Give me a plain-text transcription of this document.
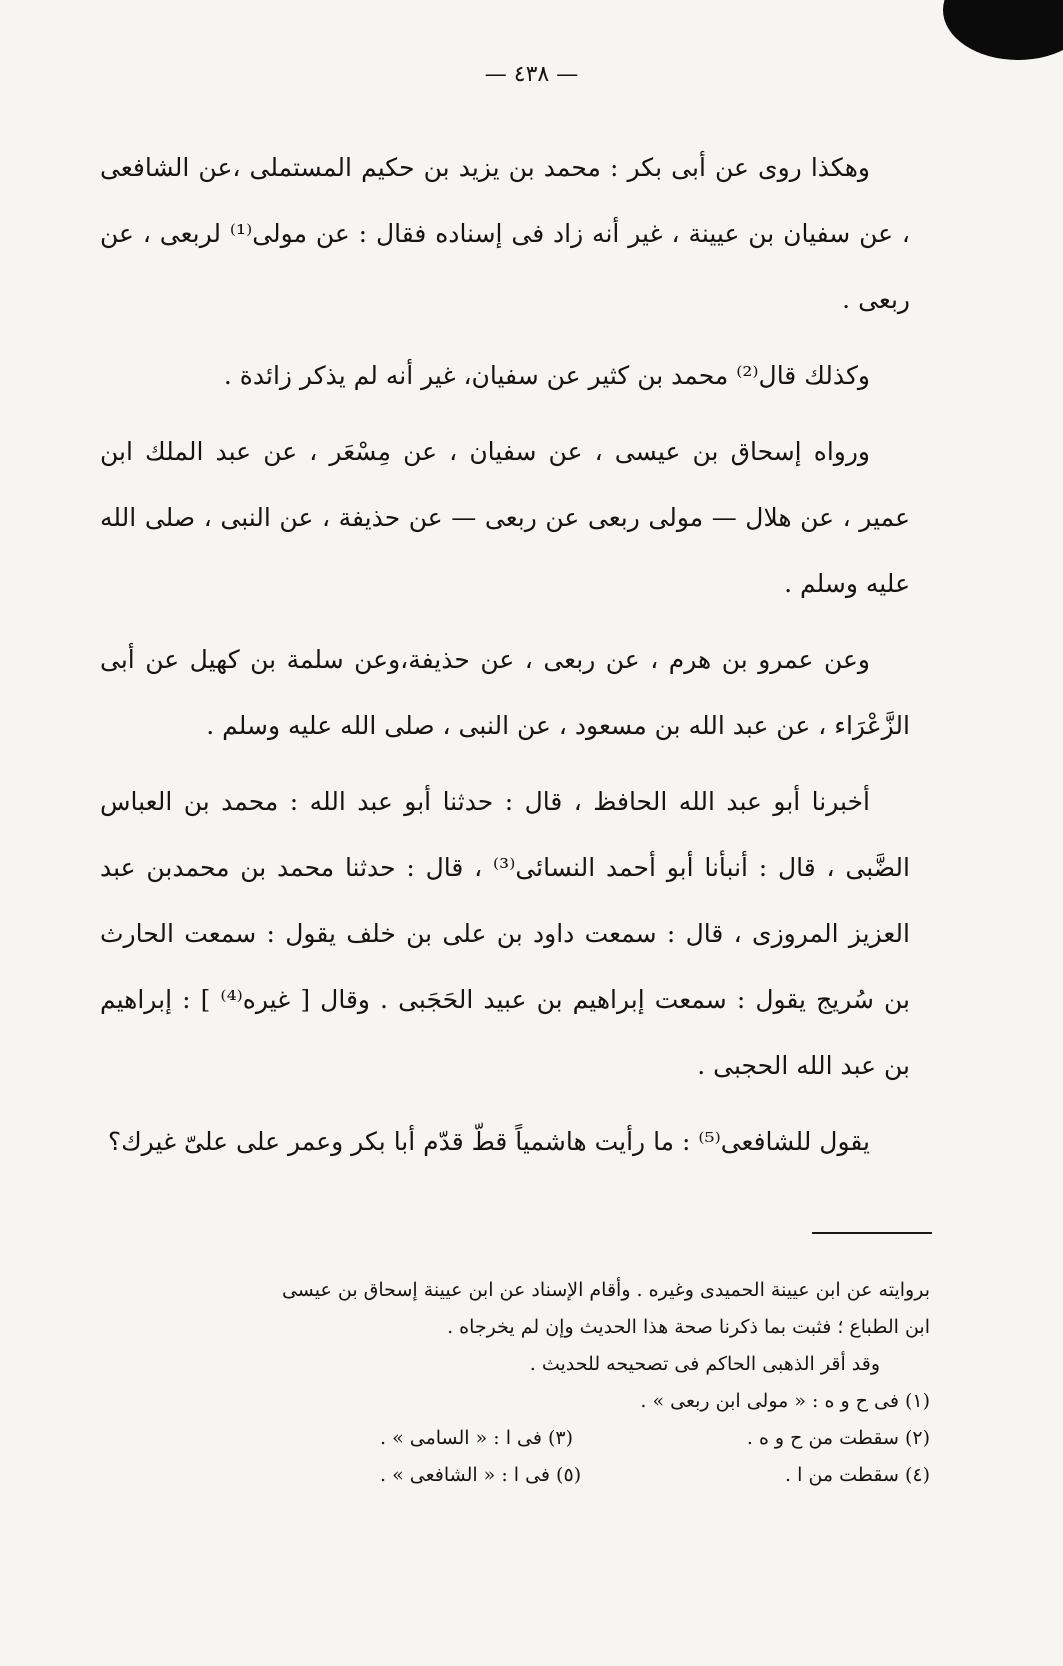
— ٤٣٨ —

وهكذا روى عن أبى بكر : محمد بن يزيد بن حكيم المستملى ،عن الشافعى ، عن سفيان بن عيينة ، غير أنه زاد فى إسناده فقال : عن مولى⁽¹⁾ لربعى ، عن ربعى .

وكذلك قال⁽²⁾ محمد بن كثير عن سفيان، غير أنه لم يذكر زائدة .

ورواه إسحاق بن عيسى ، عن سفيان ، عن مِسْعَر ، عن عبد الملك ابن عمير ، عن هلال — مولى ربعى عن ربعى — عن حذيفة ، عن النبى ، صلى الله عليه وسلم .

وعن عمرو بن هرم ، عن ربعى ، عن حذيفة،وعن سلمة بن كهيل عن أبى الزَّعْرَاء ، عن عبد الله بن مسعود ، عن النبى ، صلى الله عليه وسلم .

أخبرنا أبو عبد الله الحافظ ، قال : حدثنا أبو عبد الله : محمد بن العباس الضَّبى ، قال : أنبأنا أبو أحمد النسائى⁽³⁾ ، قال : حدثنا محمد بن محمدبن عبد العزيز المروزى ، قال : سمعت داود بن على بن خلف يقول : سمعت الحارث بن سُريج يقول : سمعت إبراهيم بن عبيد الحَجَبى . وقال [ غيره⁽⁴⁾ ] : إبراهيم بن عبد الله الحجبى .

يقول للشافعى⁽⁵⁾ : ما رأيت هاشمياً قطّ قدّم أبا بكر وعمر على علىّ غيرك؟

بروايته عن ابن عيينة الحميدى وغيره . وأقام الإسناد عن ابن عيينة إسحاق بن عيسى

ابن الطباع ؛ فثبت بما ذكرنا صحة هذا الحديث وإن لم يخرجاه .

وقد أقر الذهبى الحاكم فى تصحيحه للحديث .

(١) فى ح و ه : « مولى ابن ربعى » .

(٢) سقطت من ح و ه .
(٣) فى ا : « السامى » .
(٤) سقطت من ا .
(٥) فى ا : « الشافعى » .
